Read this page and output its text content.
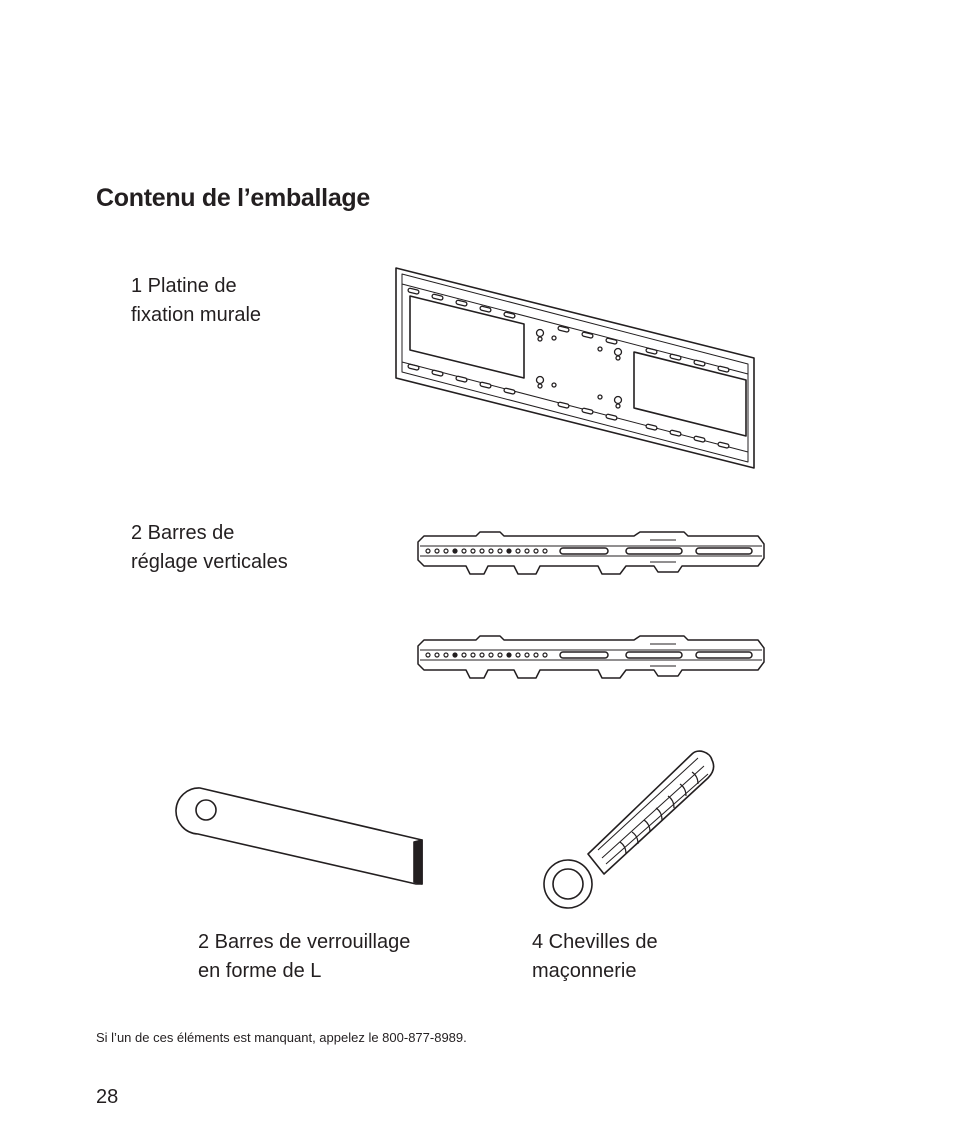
Contenu de l’emballage

1 Platine de
fixation murale

2 Barres de
réglage verticales

2 Barres de verrouillage
en forme de L

4 Chevilles de
maçonnerie

Si l’un de ces éléments est manquant, appelez le 800-877-8989.

28
